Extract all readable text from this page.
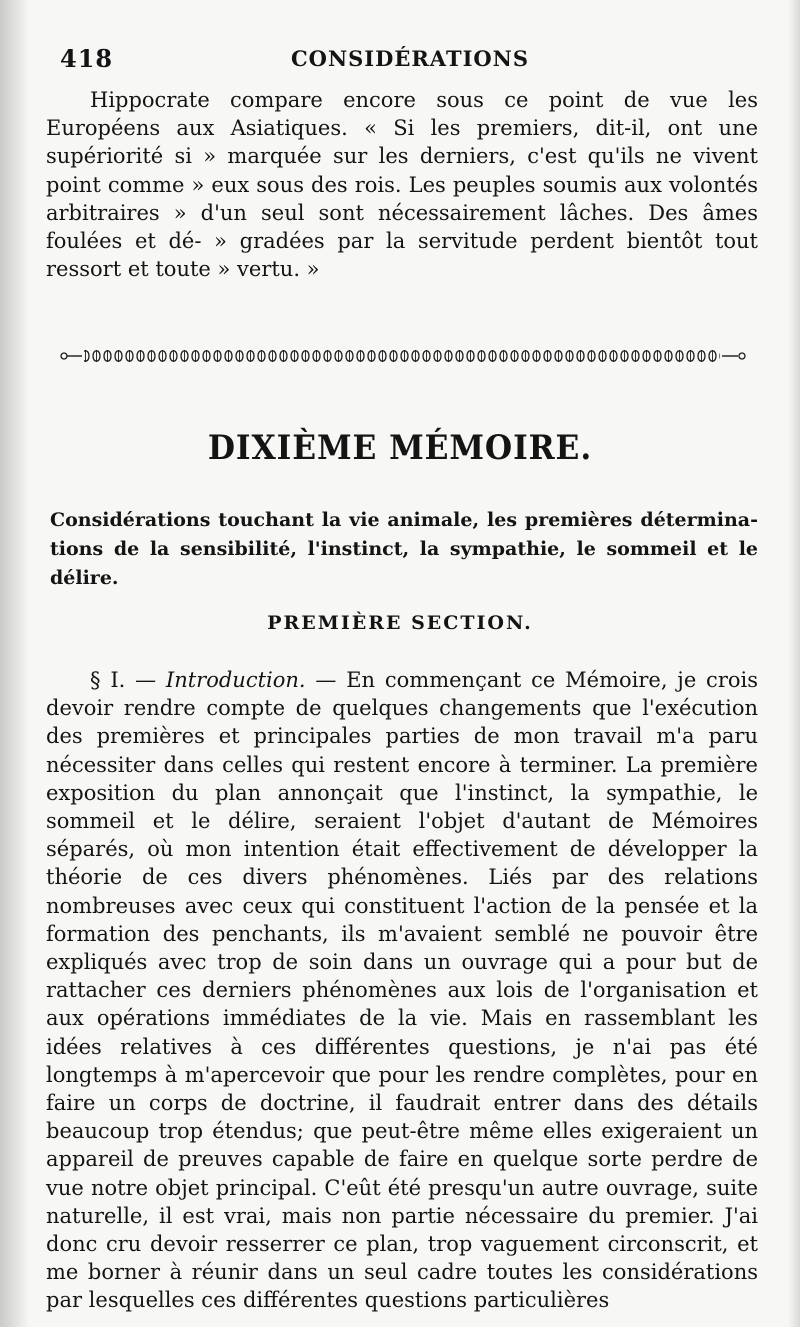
418	CONSIDÉRATIONS

Hippocrate compare encore sous ce point de vue les Européens aux Asiatiques. « Si les premiers, dit-il, ont une supériorité si » marquée sur les derniers, c'est qu'ils ne vivent point comme » eux sous des rois. Les peuples soumis aux volontés arbitraires » d'un seul sont nécessairement lâches. Des âmes foulées et dé- » gradées par la servitude perdent bientôt tout ressort et toute » vertu. »

DIXIÈME MÉMOIRE.
Considérations touchant la vie animale, les premières détermina- tions de la sensibilité, l'instinct, la sympathie, le sommeil et le délire.
PREMIÈRE SECTION.

§ I. — Introduction. — En commençant ce Mémoire, je crois devoir rendre compte de quelques changements que l'exécution des premières et principales parties de mon travail m'a paru nécessiter dans celles qui restent encore à terminer. La première exposition du plan annonçait que l'instinct, la sympathie, le sommeil et le délire, seraient l'objet d'autant de Mémoires séparés, où mon intention était effectivement de développer la théorie de ces divers phénomènes. Liés par des relations nombreuses avec ceux qui constituent l'action de la pensée et la formation des penchants, ils m'avaient semblé ne pouvoir être expliqués avec trop de soin dans un ouvrage qui a pour but de rattacher ces derniers phénomènes aux lois de l'organisation et aux opérations immédiates de la vie. Mais en rassemblant les idées relatives à ces différentes questions, je n'ai pas été longtemps à m'apercevoir que pour les rendre complètes, pour en faire un corps de doctrine, il faudrait entrer dans des détails beaucoup trop étendus; que peut-être même elles exigeraient un appareil de preuves capable de faire en quelque sorte perdre de vue notre objet principal. C'eût été presqu'un autre ouvrage, suite naturelle, il est vrai, mais non partie nécessaire du premier. J'ai donc cru devoir resserrer ce plan, trop vaguement circonscrit, et me borner à réunir dans un seul cadre toutes les considérations par lesquelles ces différentes questions particulières
